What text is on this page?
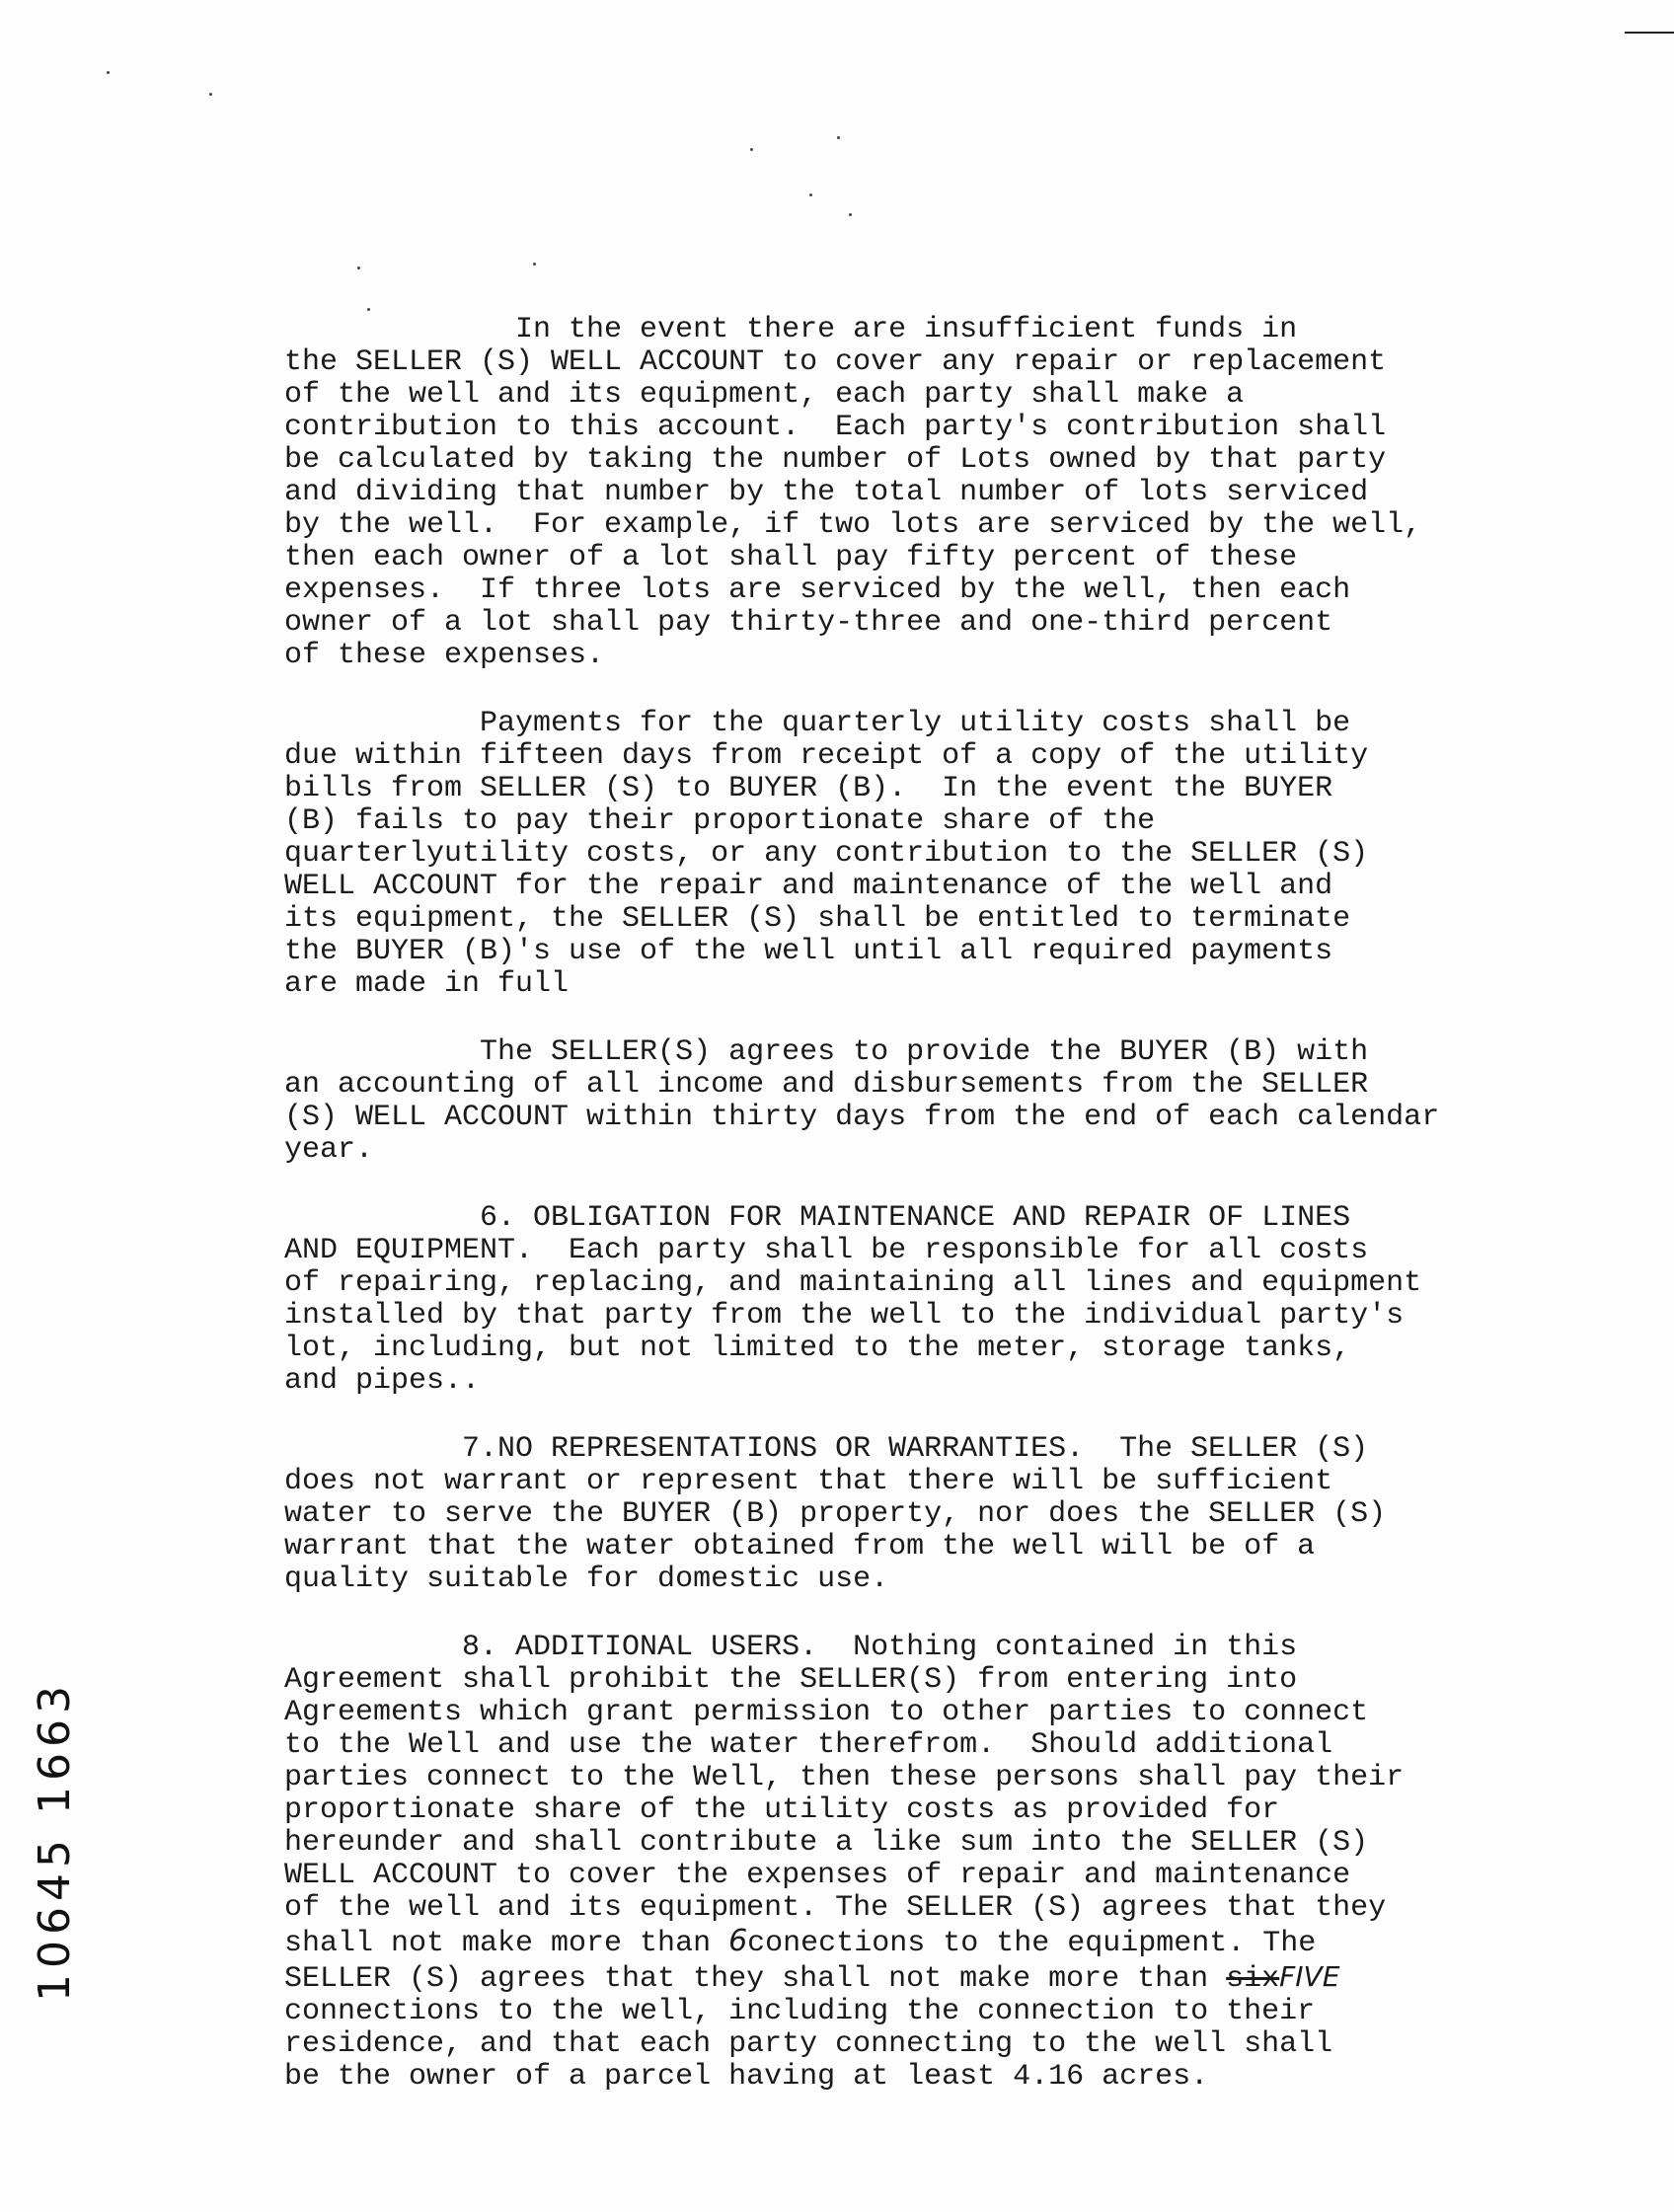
In the event there are insufficient funds in
the SELLER (S) WELL ACCOUNT to cover any repair or replacement
of the well and its equipment, each party shall make a
contribution to this account.  Each party's contribution shall
be calculated by taking the number of Lots owned by that party
and dividing that number by the total number of lots serviced
by the well.  For example, if two lots are serviced by the well,
then each owner of a lot shall pay fifty percent of these
expenses.  If three lots are serviced by the well, then each
owner of a lot shall pay thirty-three and one-third percent
of these expenses.
Payments for the quarterly utility costs shall be
due within fifteen days from receipt of a copy of the utility
bills from SELLER (S) to BUYER (B).  In the event the BUYER
(B) fails to pay their proportionate share of the
quarterlyutility costs, or any contribution to the SELLER (S)
WELL ACCOUNT for the repair and maintenance of the well and
its equipment, the SELLER (S) shall be entitled to terminate
the BUYER (B)'s use of the well until all required payments
are made in full
The SELLER(S) agrees to provide the BUYER (B) with
an accounting of all income and disbursements from the SELLER
(S) WELL ACCOUNT within thirty days from the end of each calendar
year.
6. OBLIGATION FOR MAINTENANCE AND REPAIR OF LINES
AND EQUIPMENT.  Each party shall be responsible for all costs
of repairing, replacing, and maintaining all lines and equipment
installed by that party from the well to the individual party's
lot, including, but not limited to the meter, storage tanks,
and pipes..
7.NO REPRESENTATIONS OR WARRANTIES.  The SELLER (S)
does not warrant or represent that there will be sufficient
water to serve the BUYER (B) property, nor does the SELLER (S)
warrant that the water obtained from the well will be of a
quality suitable for domestic use.
8. ADDITIONAL USERS.  Nothing contained in this
Agreement shall prohibit the SELLER(S) from entering into
Agreements which grant permission to other parties to connect
to the Well and use the water therefrom.  Should additional
parties connect to the Well, then these persons shall pay their
proportionate share of the utility costs as provided for
hereunder and shall contribute a like sum into the SELLER (S)
WELL ACCOUNT to cover the expenses of repair and maintenance
of the well and its equipment. The SELLER (S) agrees that they
shall not make more than 6conections to the equipment. The
SELLER (S) agrees that they shall not make more than sixFIVE
connections to the well, including the connection to their
residence, and that each party connecting to the well shall
be the owner of a parcel having at least 4.16 acres.
10645 1663
